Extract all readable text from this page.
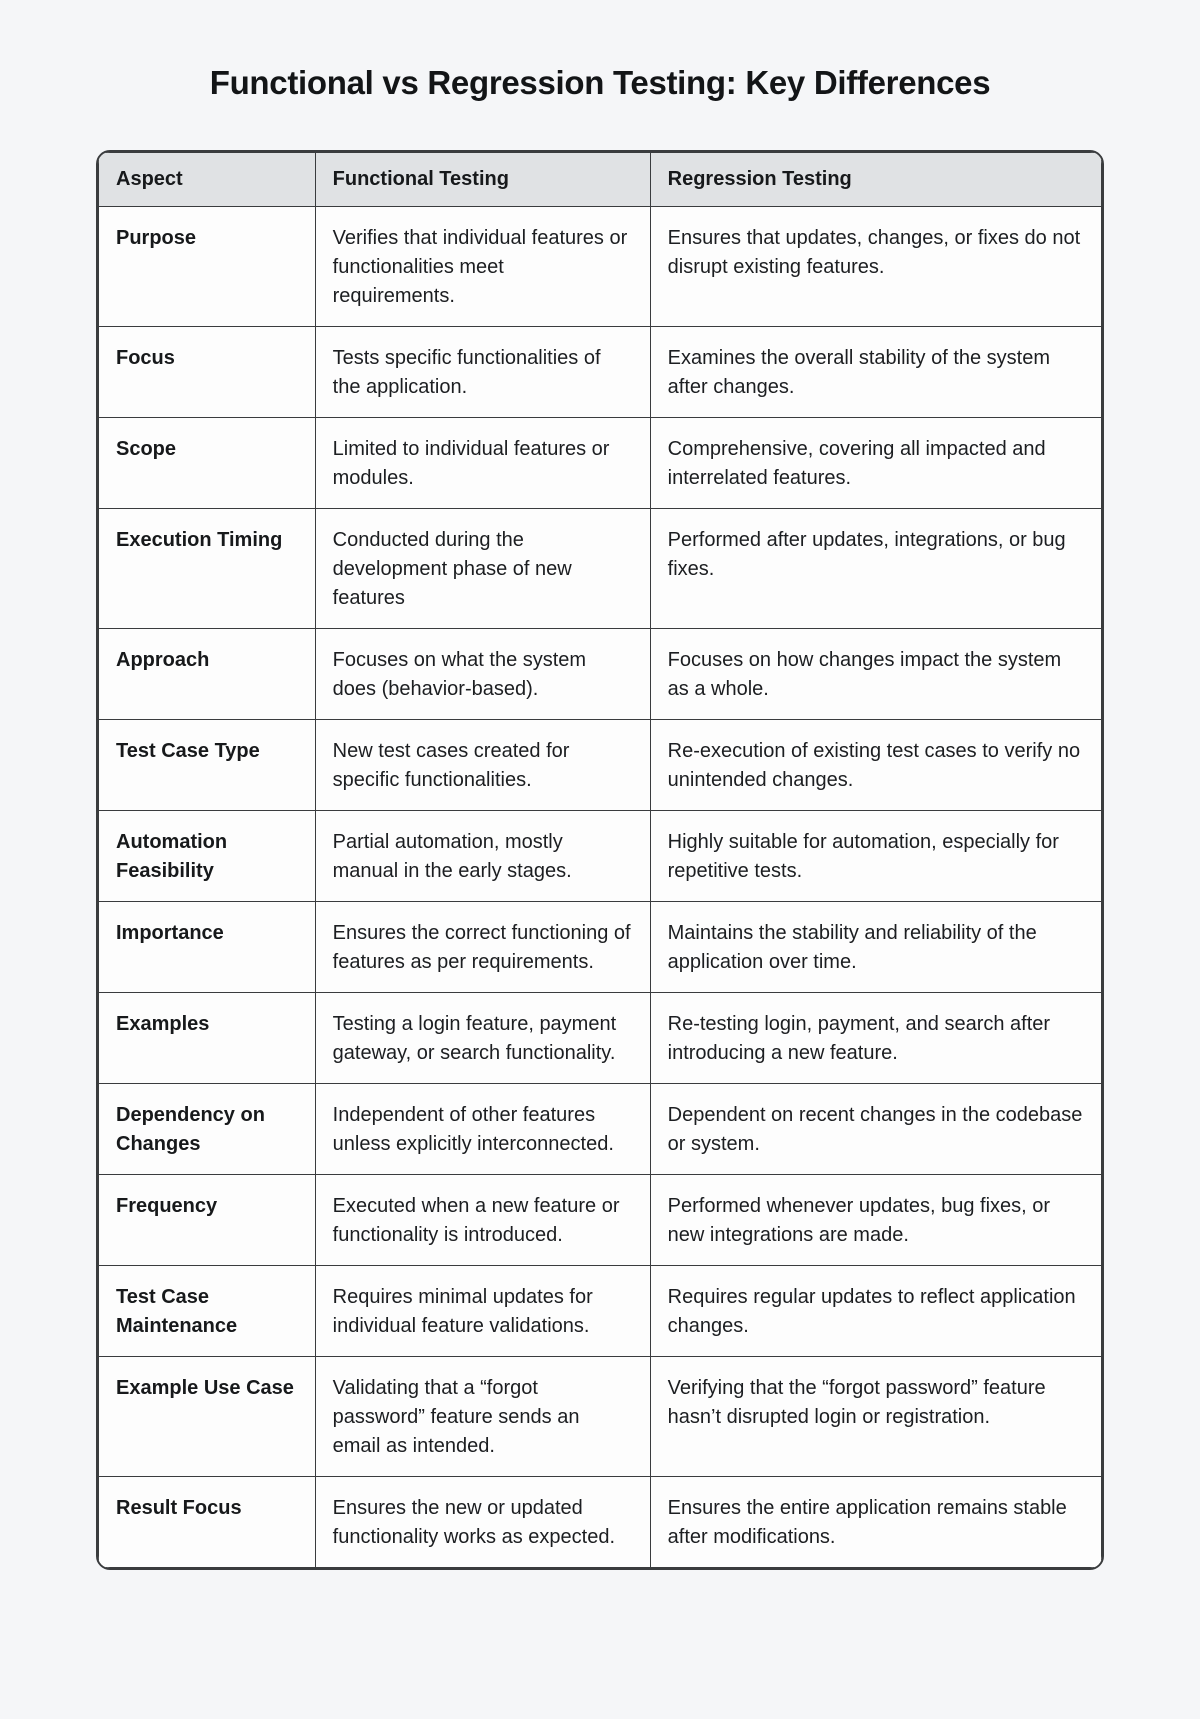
Functional vs Regression Testing: Key Differences
Aspect	Functional Testing	Regression Testing
Purpose	Verifies that individual features or functionalities meet requirements.	Ensures that updates, changes, or fixes do not disrupt existing features.
Focus	Tests specific functionalities of the application.	Examines the overall stability of the system after changes.
Scope	Limited to individual features or modules.	Comprehensive, covering all impacted and interrelated features.
Execution Timing	Conducted during the development phase of new features	Performed after updates, integrations, or bug fixes.
Approach	Focuses on what the system does (behavior-based).	Focuses on how changes impact the system as a whole.
Test Case Type	New test cases created for specific functionalities.	Re-execution of existing test cases to verify no unintended changes.
Automation Feasibility	Partial automation, mostly manual in the early stages.	Highly suitable for automation, especially for repetitive tests.
Importance	Ensures the correct functioning of features as per requirements.	Maintains the stability and reliability of the application over time.
Examples	Testing a login feature, payment gateway, or search functionality.	Re-testing login, payment, and search after introducing a new feature.
Dependency on Changes	Independent of other features unless explicitly interconnected.	Dependent on recent changes in the codebase or system.
Frequency	Executed when a new feature or functionality is introduced.	Performed whenever updates, bug fixes, or new integrations are made.
Test Case Maintenance	Requires minimal updates for individual feature validations.	Requires regular updates to reflect application changes.
Example Use Case	Validating that a “forgot password” feature sends an email as intended.	Verifying that the “forgot password” feature hasn’t disrupted login or registration.
Result Focus	Ensures the new or updated functionality works as expected.	Ensures the entire application remains stable after modifications.
